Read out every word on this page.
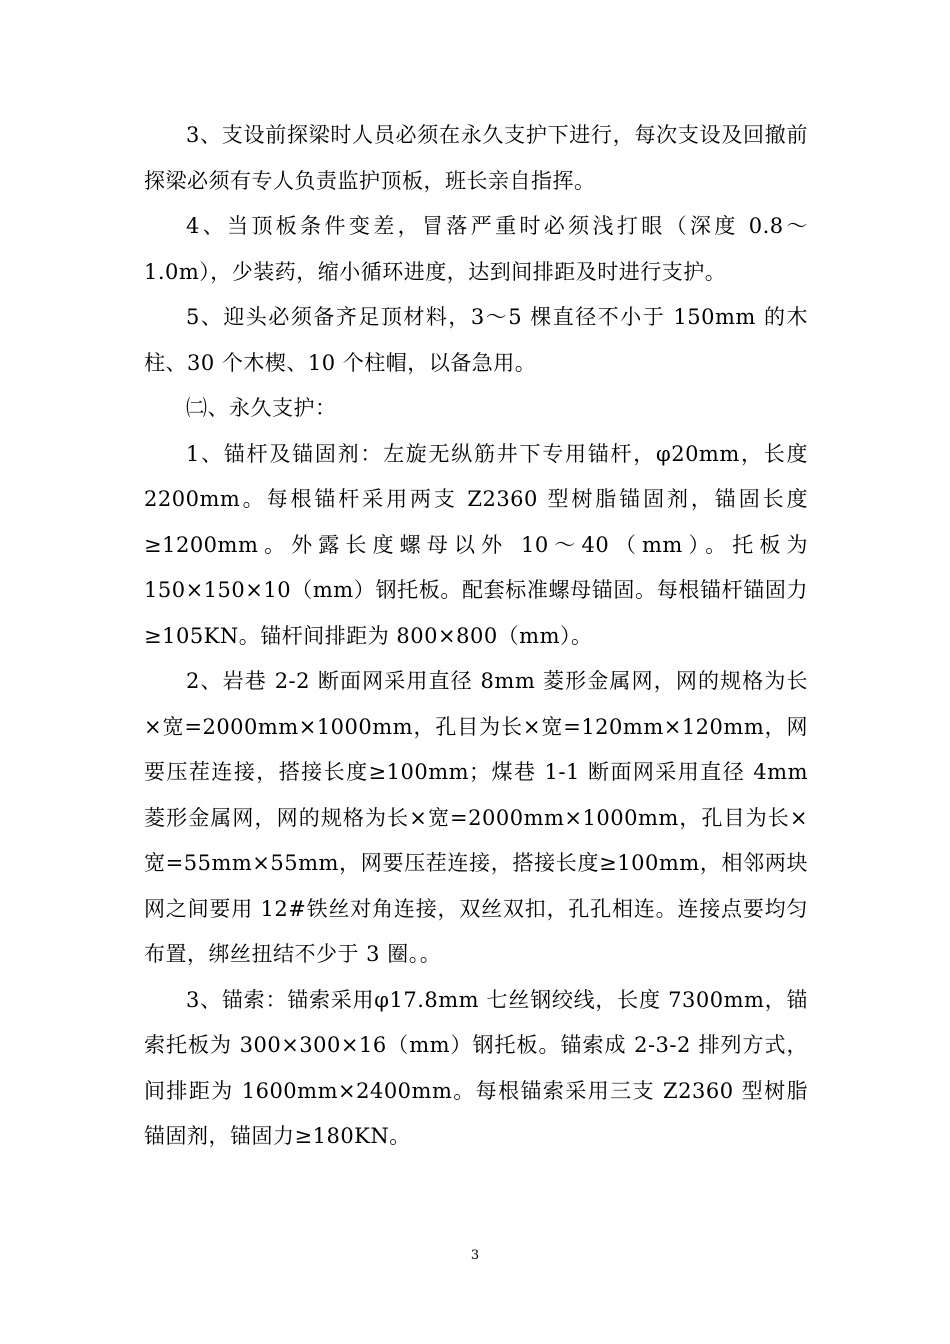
3、支设前探梁时人员必须在永久支护下进行，每次支设及回撤前探梁必须有专人负责监护顶板，班长亲自指挥。

4、当顶板条件变差，冒落严重时必须浅打眼（深度 0.8～1.0m），少装药，缩小循环进度，达到间排距及时进行支护。

5、迎头必须备齐足顶材料，3～5 棵直径不小于 150mm 的木柱、30 个木楔、10 个柱帽，以备急用。

㈡、永久支护：

1、锚杆及锚固剂：左旋无纵筋井下专用锚杆，φ20mm，长度 2200mm。每根锚杆采用两支 Z2360 型树脂锚固剂，锚固长度≥1200mm。外露长度螺母以外 10～40（mm）。托板为 150×150×10（mm）钢托板。配套标准螺母锚固。每根锚杆锚固力≥105KN。锚杆间排距为 800×800（mm）。

2、岩巷 2-2 断面网采用直径 8mm 菱形金属网，网的规格为长×宽=2000mm×1000mm，孔目为长×宽=120mm×120mm，网要压茬连接，搭接长度≥100mm；煤巷 1-1 断面网采用直径 4mm 菱形金属网，网的规格为长×宽=2000mm×1000mm，孔目为长×宽=55mm×55mm，网要压茬连接，搭接长度≥100mm，相邻两块网之间要用 12#铁丝对角连接，双丝双扣，孔孔相连。连接点要均匀布置，绑丝扭结不少于 3 圈。。

3、锚索：锚索采用φ17.8mm 七丝钢绞线，长度 7300mm，锚索托板为 300×300×16（mm）钢托板。锚索成 2-3-2 排列方式，间排距为 1600mm×2400mm。每根锚索采用三支 Z2360 型树脂锚固剂，锚固力≥180KN。

3
